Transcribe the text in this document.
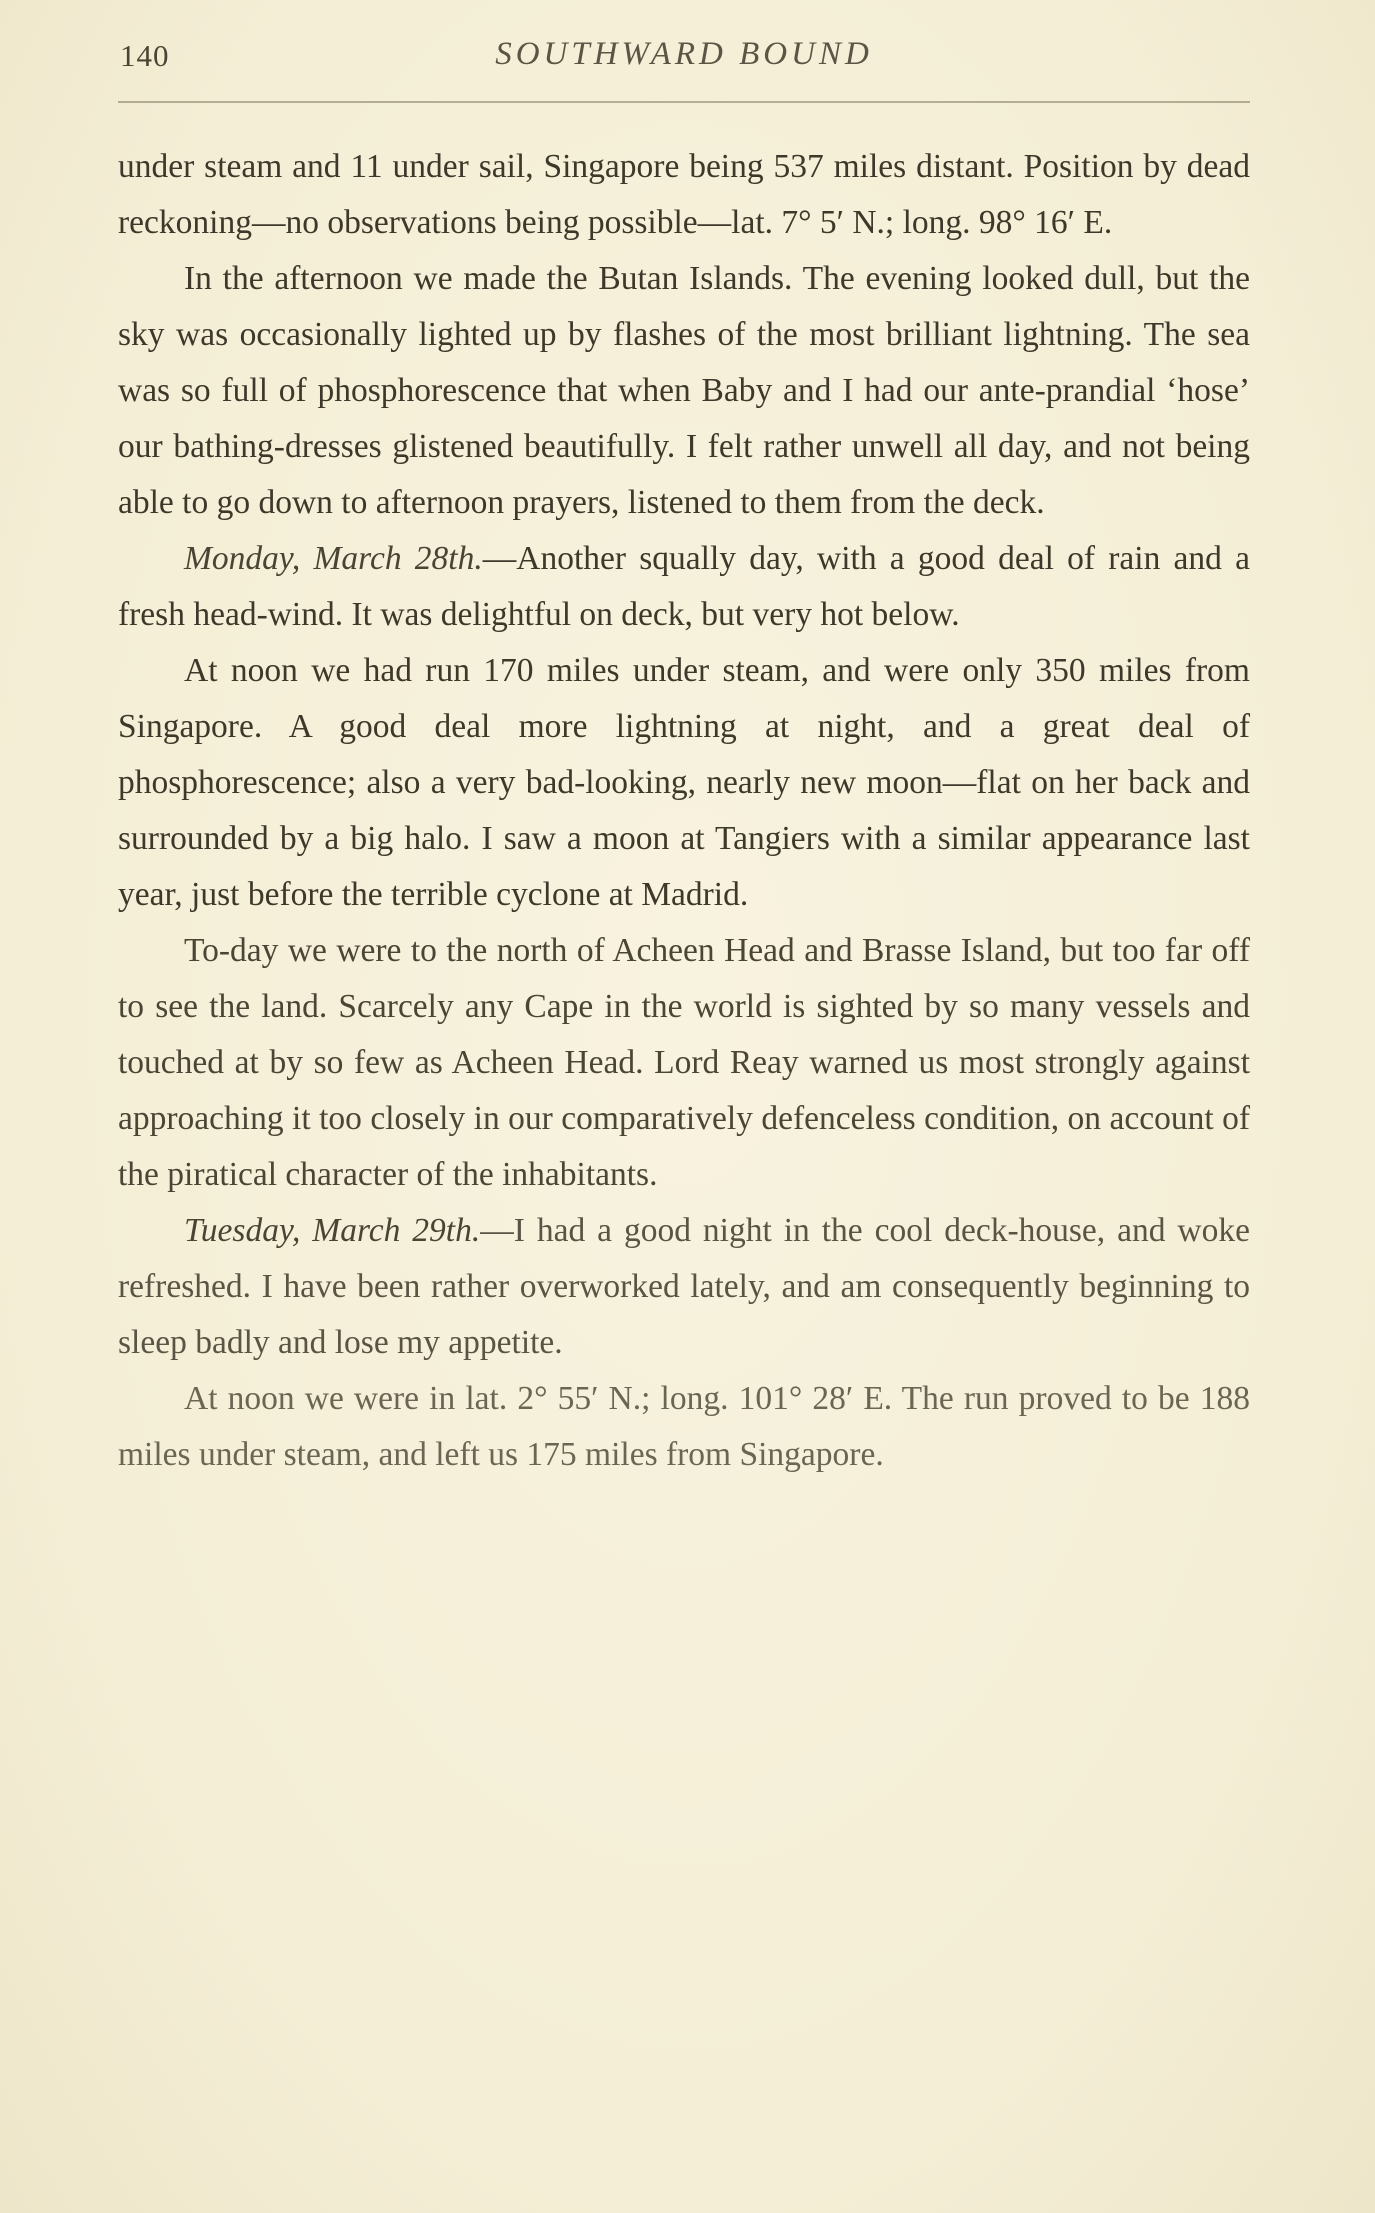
140	SOUTHWARD BOUND

under steam and 11 under sail, Singapore being 537 miles distant. Position by dead reckoning—no observations being possible—lat. 7° 5′ N.; long. 98° 16′ E.

In the afternoon we made the Butan Islands. The evening looked dull, but the sky was occasionally lighted up by flashes of the most brilliant lightning. The sea was so full of phosphorescence that when Baby and I had our ante-prandial ‘hose’ our bathing-dresses glistened beautifully. I felt rather unwell all day, and not being able to go down to afternoon prayers, listened to them from the deck.

Monday, March 28th.—Another squally day, with a good deal of rain and a fresh head-wind. It was delightful on deck, but very hot below.

At noon we had run 170 miles under steam, and were only 350 miles from Singapore. A good deal more lightning at night, and a great deal of phosphorescence; also a very bad-looking, nearly new moon—flat on her back and surrounded by a big halo. I saw a moon at Tangiers with a similar appearance last year, just before the terrible cyclone at Madrid.

To-day we were to the north of Acheen Head and Brasse Island, but too far off to see the land. Scarcely any Cape in the world is sighted by so many vessels and touched at by so few as Acheen Head. Lord Reay warned us most strongly against approaching it too closely in our comparatively defenceless condition, on account of the piratical character of the inhabitants.

Tuesday, March 29th.—I had a good night in the cool deck-house, and woke refreshed. I have been rather overworked lately, and am consequently beginning to sleep badly and lose my appetite.

At noon we were in lat. 2° 55′ N.; long. 101° 28′ E. The run proved to be 188 miles under steam, and left us 175 miles from Singapore.
